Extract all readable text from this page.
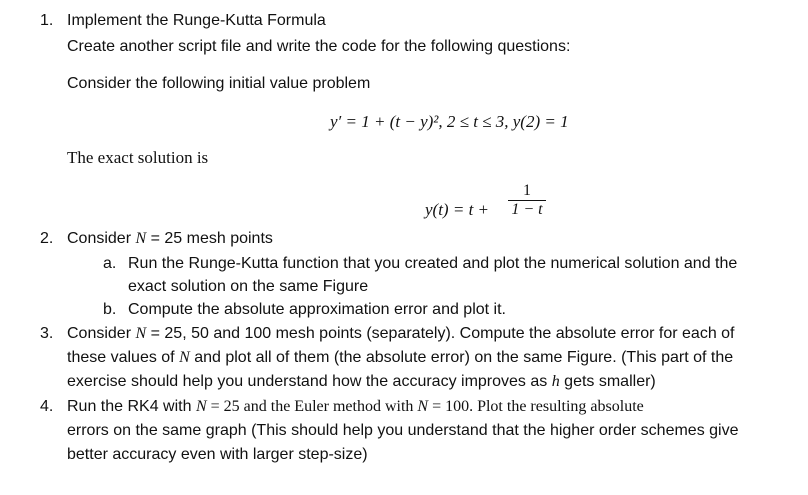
1. Implement the Runge-Kutta Formula
Create another script file and write the code for the following questions:
Consider the following initial value problem
y′ = 1 + (t − y)², 2 ≤ t ≤ 3, y(2) = 1
The exact solution is
y(t) = t +
1
1 − t
2. Consider N = 25 mesh points
a. Run the Runge-Kutta function that you created and plot the numerical solution and the
exact solution on the same Figure
b. Compute the absolute approximation error and plot it.
3. Consider N = 25, 50 and 100 mesh points (separately). Compute the absolute error for each of
these values of N and plot all of them (the absolute error) on the same Figure. (This part of the
exercise should help you understand how the accuracy improves as h gets smaller)
4. Run the RK4 with N = 25 and the Euler method with N = 100. Plot the resulting absolute
errors on the same graph (This should help you understand that the higher order schemes give
better accuracy even with larger step-size)
